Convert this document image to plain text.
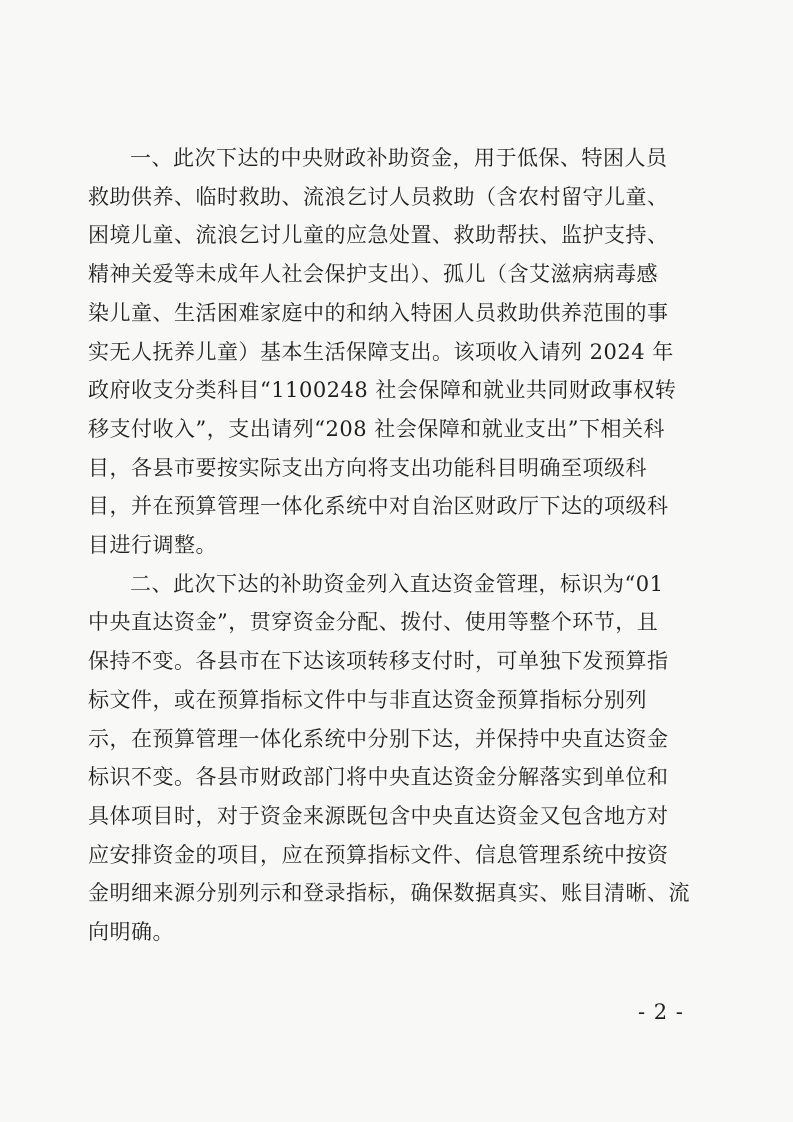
一、此次下达的中央财政补助资金，用于低保、特困人员
救助供养、临时救助、流浪乞讨人员救助（含农村留守儿童、
困境儿童、流浪乞讨儿童的应急处置、救助帮扶、监护支持、
精神关爱等未成年人社会保护支出）、孤儿（含艾滋病病毒感
染儿童、生活困难家庭中的和纳入特困人员救助供养范围的事
实无人抚养儿童）基本生活保障支出。该项收入请列 2024 年
政府收支分类科目“1100248 社会保障和就业共同财政事权转
移支付收入”，支出请列“208 社会保障和就业支出”下相关科
目，各县市要按实际支出方向将支出功能科目明确至项级科
目，并在预算管理一体化系统中对自治区财政厅下达的项级科
目进行调整。

二、此次下达的补助资金列入直达资金管理，标识为“01
中央直达资金”，贯穿资金分配、拨付、使用等整个环节，且
保持不变。各县市在下达该项转移支付时，可单独下发预算指
标文件，或在预算指标文件中与非直达资金预算指标分别列
示，在预算管理一体化系统中分别下达，并保持中央直达资金
标识不变。各县市财政部门将中央直达资金分解落实到单位和
具体项目时，对于资金来源既包含中央直达资金又包含地方对
应安排资金的项目，应在预算指标文件、信息管理系统中按资
金明细来源分别列示和登录指标，确保数据真实、账目清晰、流
向明确。

- 2 -
